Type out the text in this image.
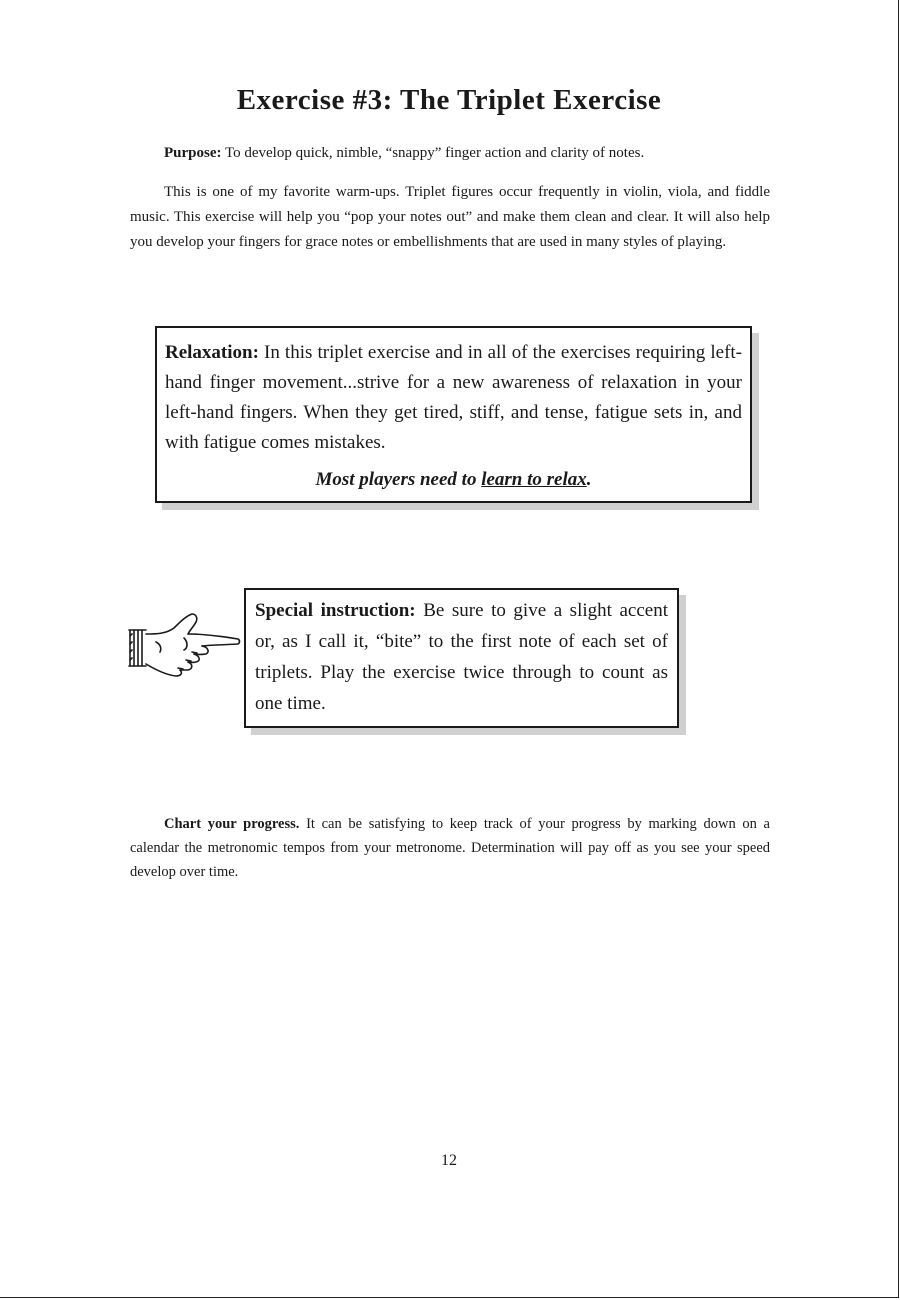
Exercise #3: The Triplet Exercise

Purpose: To develop quick, nimble, “snappy” finger action and clarity of notes.

This is one of my favorite warm-ups. Triplet figures occur frequently in violin, viola, and fiddle music. This exercise will help you “pop your notes out” and make them clean and clear. It will also help you develop your fingers for grace notes or embellishments that are used in many styles of playing.

Relaxation: In this triplet exercise and in all of the exercises requiring left-hand finger movement...strive for a new awareness of relaxation in your left-hand fingers. When they get tired, stiff, and tense, fatigue sets in, and with fatigue comes mistakes.

Most players need to learn to relax.

Special instruction: Be sure to give a slight accent or, as I call it, “bite” to the first note of each set of triplets. Play the exercise twice through to count as one time.

Chart your progress. It can be satisfying to keep track of your progress by marking down on a calendar the metronomic tempos from your metronome. Determination will pay off as you see your speed develop over time.

12
